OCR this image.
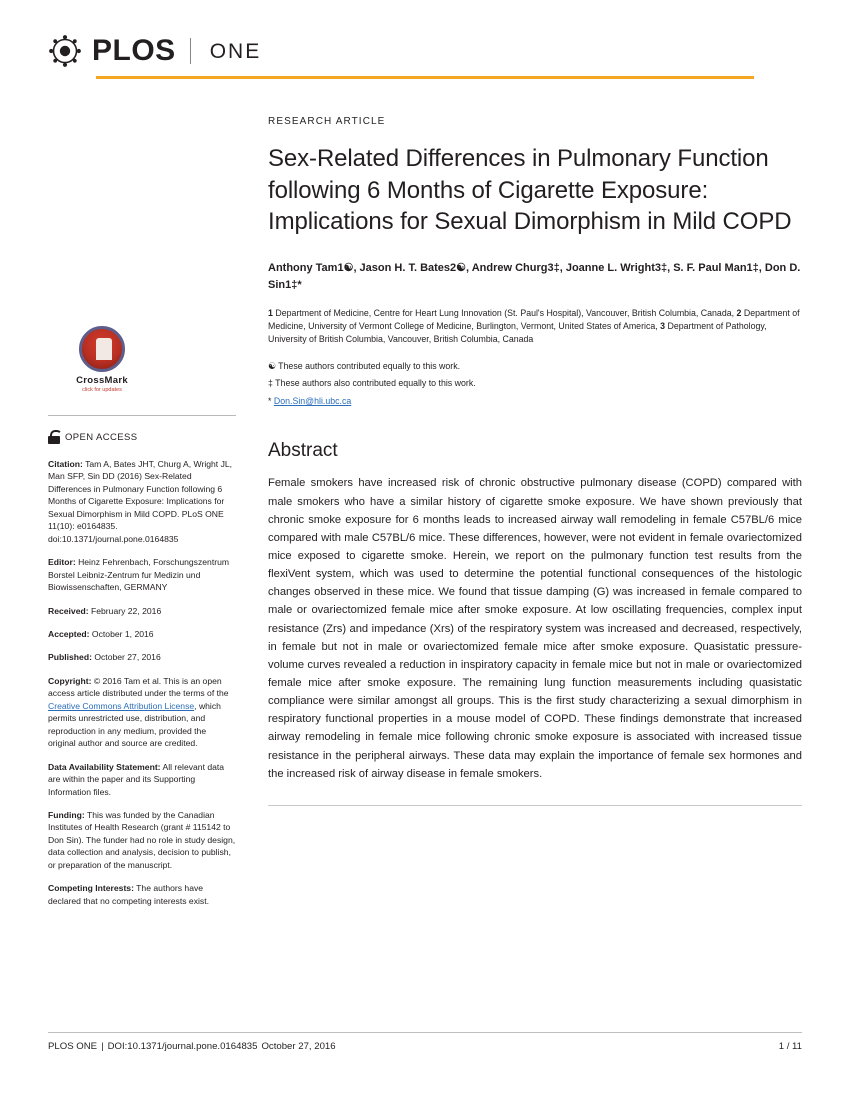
PLOS ONE
CrossMark
click for updates
OPEN ACCESS
Citation: Tam A, Bates JHT, Churg A, Wright JL, Man SFP, Sin DD (2016) Sex-Related Differences in Pulmonary Function following 6 Months of Cigarette Exposure: Implications for Sexual Dimorphism in Mild COPD. PLoS ONE 11(10): e0164835. doi:10.1371/journal.pone.0164835
Editor: Heinz Fehrenbach, Forschungszentrum Borstel Leibniz-Zentrum fur Medizin und Biowissenschaften, GERMANY
Received: February 22, 2016
Accepted: October 1, 2016
Published: October 27, 2016
Copyright: © 2016 Tam et al. This is an open access article distributed under the terms of the Creative Commons Attribution License, which permits unrestricted use, distribution, and reproduction in any medium, provided the original author and source are credited.
Data Availability Statement: All relevant data are within the paper and its Supporting Information files.
Funding: This was funded by the Canadian Institutes of Health Research (grant # 115142 to Don Sin). The funder had no role in study design, data collection and analysis, decision to publish, or preparation of the manuscript.
Competing Interests: The authors have declared that no competing interests exist.
RESEARCH ARTICLE
Sex-Related Differences in Pulmonary Function following 6 Months of Cigarette Exposure: Implications for Sexual Dimorphism in Mild COPD
Anthony Tam1☯, Jason H. T. Bates2☯, Andrew Churg3‡, Joanne L. Wright3‡, S. F. Paul Man1‡, Don D. Sin1‡*
1 Department of Medicine, Centre for Heart Lung Innovation (St. Paul's Hospital), Vancouver, British Columbia, Canada, 2 Department of Medicine, University of Vermont College of Medicine, Burlington, Vermont, United States of America, 3 Department of Pathology, University of British Columbia, Vancouver, British Columbia, Canada
☯ These authors contributed equally to this work.
‡ These authors also contributed equally to this work.
* Don.Sin@hli.ubc.ca
Abstract

Female smokers have increased risk of chronic obstructive pulmonary disease (COPD) compared with male smokers who have a similar history of cigarette smoke exposure. We have shown previously that chronic smoke exposure for 6 months leads to increased airway wall remodeling in female C57BL/6 mice compared with male C57BL/6 mice. These differences, however, were not evident in female ovariectomized mice exposed to cigarette smoke. Herein, we report on the pulmonary function test results from the flexiVent system, which was used to determine the potential functional consequences of the histologic changes observed in these mice. We found that tissue damping (G) was increased in female compared to male or ovariectomized female mice after smoke exposure. At low oscillating frequencies, complex input resistance (Zrs) and impedance (Xrs) of the respiratory system was increased and decreased, respectively, in female but not in male or ovariectomized female mice after smoke exposure. Quasistatic pressure-volume curves revealed a reduction in inspiratory capacity in female mice but not in male or ovariectomized female mice after smoke exposure. The remaining lung function measurements including quasistatic compliance were similar amongst all groups. This is the first study characterizing a sexual dimorphism in respiratory functional properties in a mouse model of COPD. These findings demonstrate that increased airway remodeling in female mice following chronic smoke exposure is associated with increased tissue resistance in the peripheral airways. These data may explain the importance of female sex hormones and the increased risk of airway disease in female smokers.

PLOS ONE | DOI:10.1371/journal.pone.0164835 October 27, 2016	1 / 11
